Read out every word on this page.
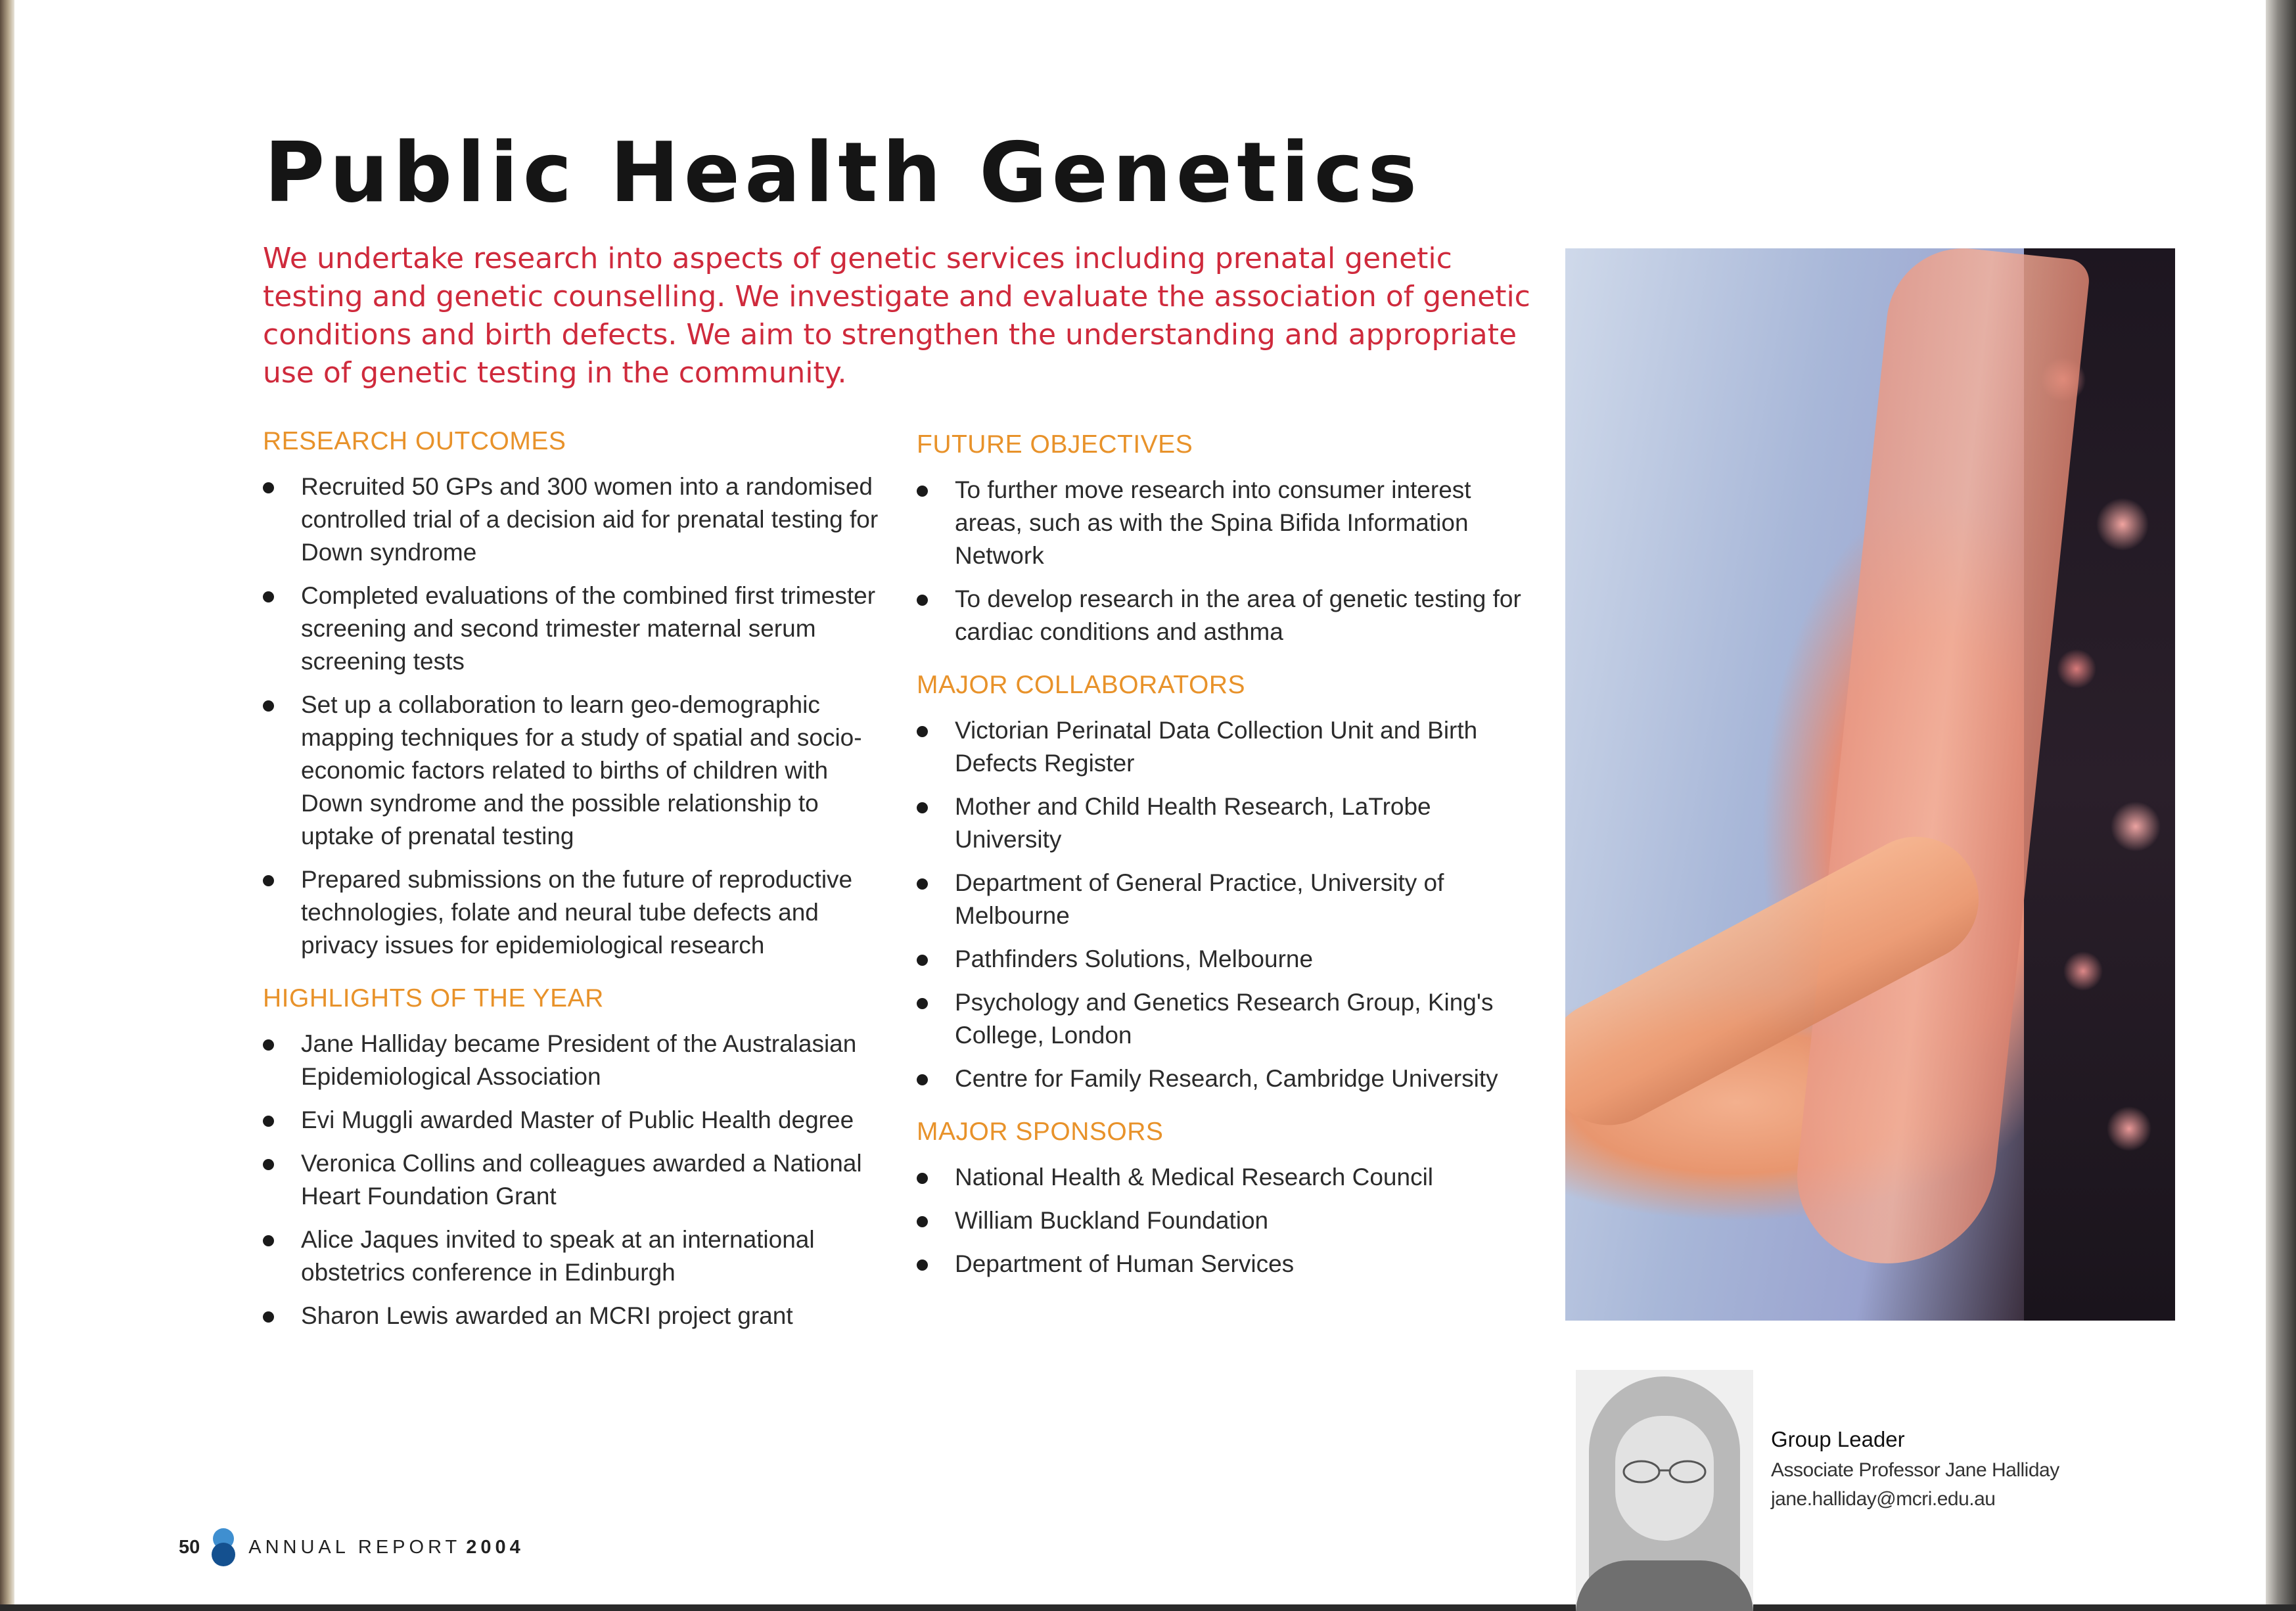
Public Health Genetics

We undertake research into aspects of genetic services including prenatal genetic testing and genetic counselling. We investigate and evaluate the association of genetic conditions and birth defects. We aim to strengthen the understanding and appropriate use of genetic testing in the community.

RESEARCH OUTCOMES
Recruited 50 GPs and 300 women into a randomised controlled trial of a decision aid for prenatal testing for Down syndrome
Completed evaluations of the combined first trimester screening and second trimester maternal serum screening tests
Set up a collaboration to learn geo-demographic mapping techniques for a study of spatial and socio-economic factors related to births of children with Down syndrome and the possible relationship to uptake of prenatal testing
Prepared submissions on the future of reproductive technologies, folate and neural tube defects and privacy issues for epidemiological research
HIGHLIGHTS OF THE YEAR
Jane Halliday became President of the Australasian Epidemiological Association
Evi Muggli awarded Master of Public Health degree
Veronica Collins and colleagues awarded a National Heart Foundation Grant
Alice Jaques invited to speak at an international obstetrics conference in Edinburgh
Sharon Lewis awarded an MCRI project grant
FUTURE OBJECTIVES
To further move research into consumer interest areas, such as with the Spina Bifida Information Network
To develop research in the area of genetic testing for cardiac conditions and asthma
MAJOR COLLABORATORS
Victorian Perinatal Data Collection Unit and Birth Defects Register
Mother and Child Health Research, LaTrobe University
Department of General Practice, University of Melbourne
Pathfinders Solutions, Melbourne
Psychology and Genetics Research Group, King's College, London
Centre for Family Research, Cambridge University
MAJOR SPONSORS
National Health & Medical Research Council
William Buckland Foundation
Department of Human Services

Group Leader

Associate Professor Jane Halliday

jane.halliday@mcri.edu.au

50	ANNUAL REPORT 2004
